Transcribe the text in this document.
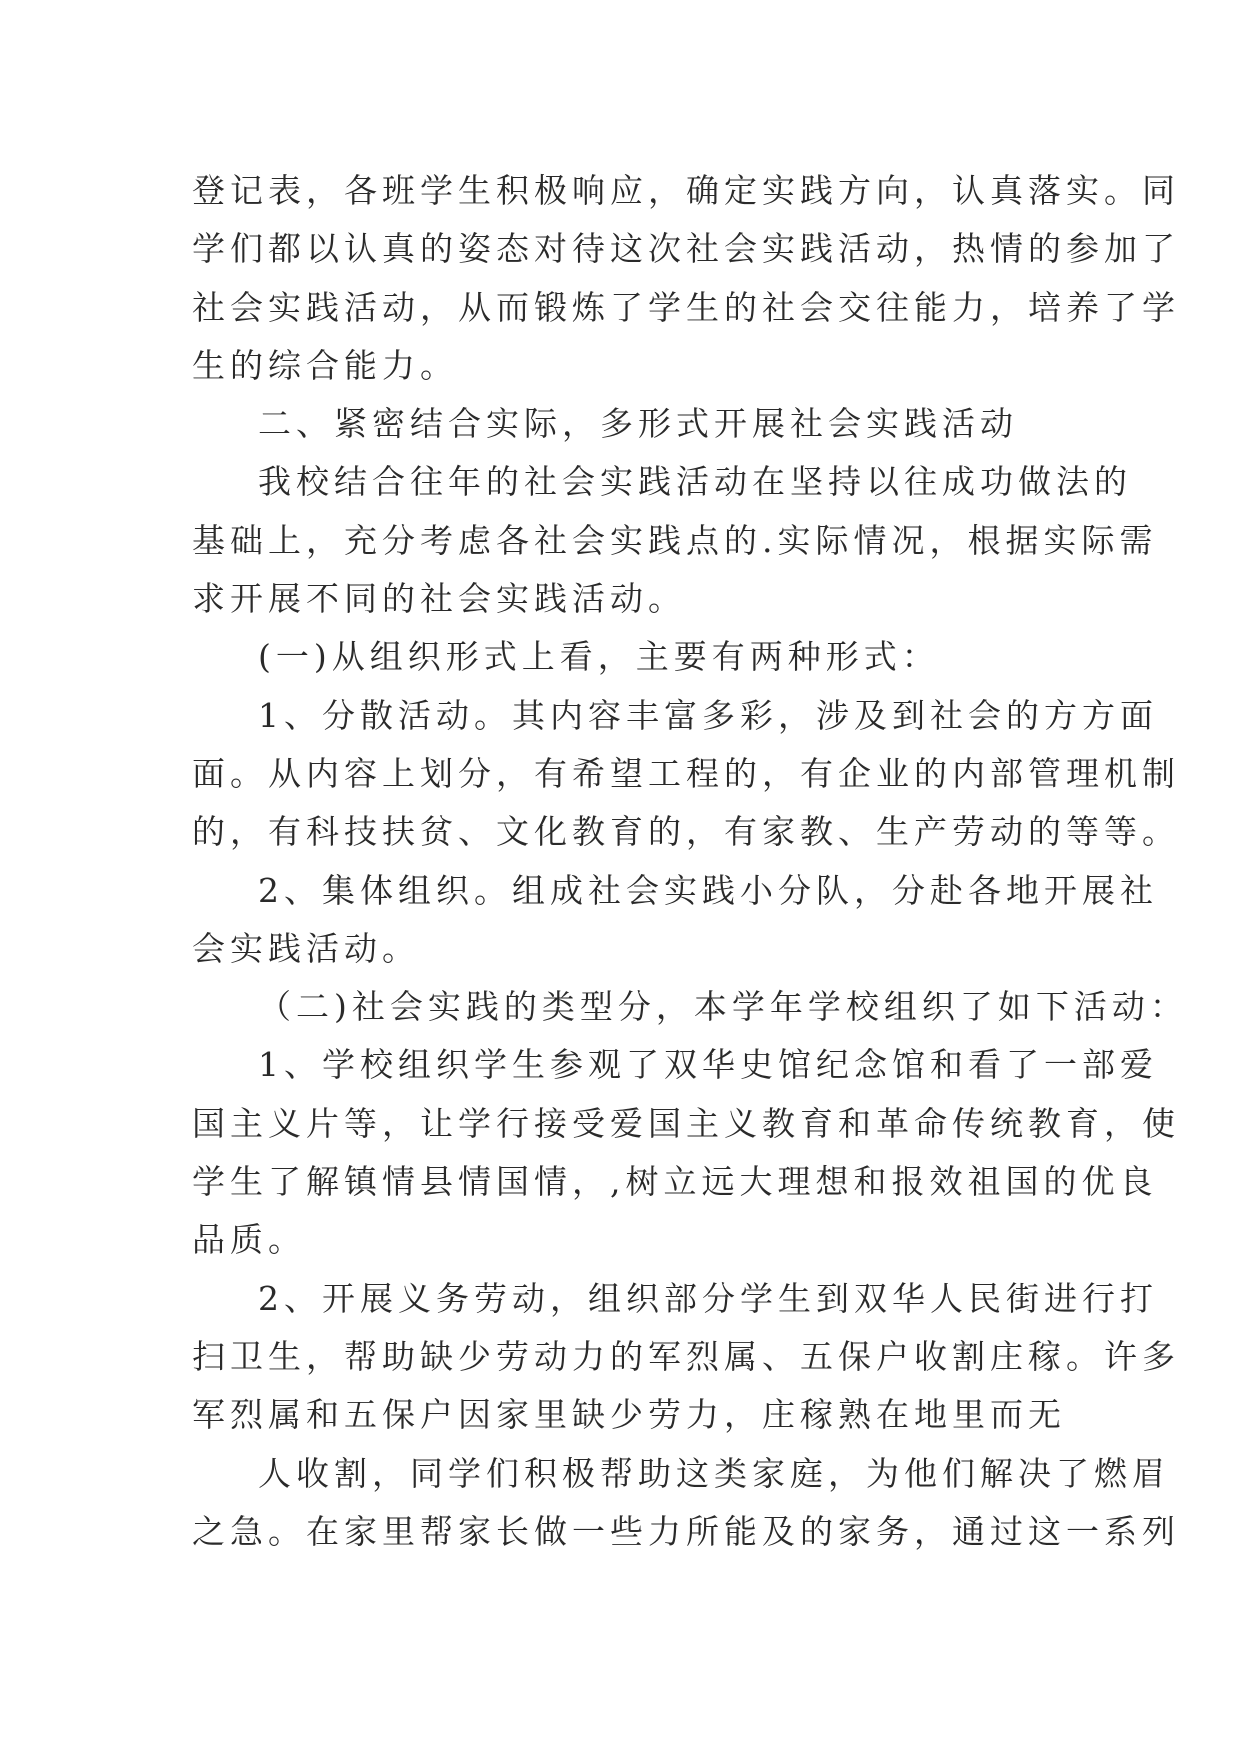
登记表，各班学生积极响应，确定实践方向，认真落实。同
学们都以认真的姿态对待这次社会实践活动，热情的参加了
社会实践活动，从而锻炼了学生的社会交往能力，培养了学
生的综合能力。
二、紧密结合实际，多形式开展社会实践活动
我校结合往年的社会实践活动在坚持以往成功做法的
基础上，充分考虑各社会实践点的.实际情况，根据实际需
求开展不同的社会实践活动。
(一)从组织形式上看，主要有两种形式：
1、分散活动。其内容丰富多彩，涉及到社会的方方面
面。从内容上划分，有希望工程的，有企业的内部管理机制
的，有科技扶贫、文化教育的，有家教、生产劳动的等等。
2、集体组织。组成社会实践小分队，分赴各地开展社
会实践活动。
（二)社会实践的类型分，本学年学校组织了如下活动：
1、学校组织学生参观了双华史馆纪念馆和看了一部爱
国主义片等，让学行接受爱国主义教育和革命传统教育，使
学生了解镇情县情国情，,树立远大理想和报效祖国的优良
品质。
2、开展义务劳动，组织部分学生到双华人民街进行打
扫卫生，帮助缺少劳动力的军烈属、五保户收割庄稼。许多
军烈属和五保户因家里缺少劳力，庄稼熟在地里而无
人收割，同学们积极帮助这类家庭，为他们解决了燃眉
之急。在家里帮家长做一些力所能及的家务，通过这一系列
